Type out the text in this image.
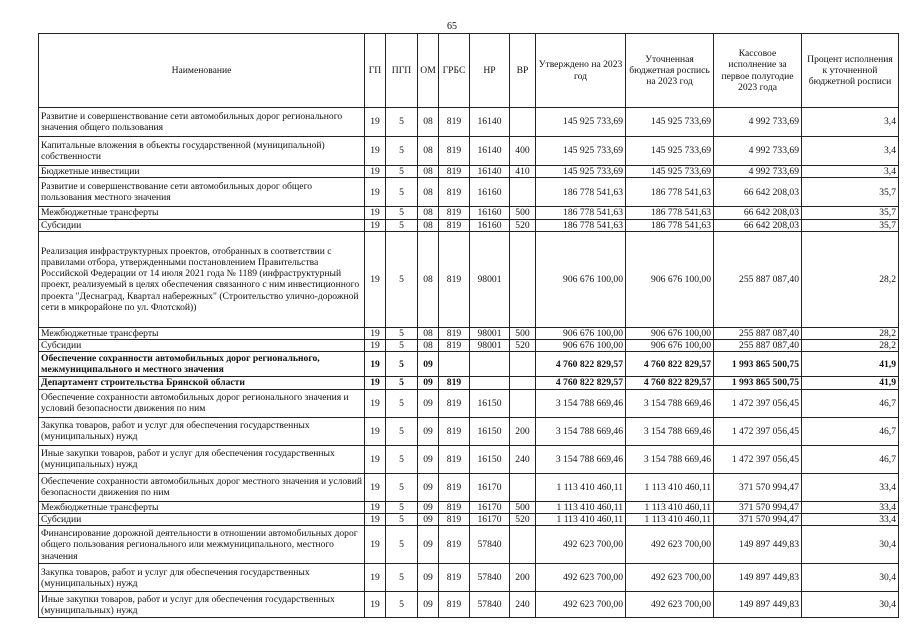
65
Наименование	ГП	ПГП	ОМ	ГРБС	НР	ВР	Утверждено на 2023 год	Уточненная бюджетная роспись на 2023 год	Кассовое исполнение за первое полугодие 2023 года	Процент исполнения к уточненной бюджетной росписи
Развитие и совершенствование сети автомобильных дорог регионального значения общего пользования	19	5	08	819	16140		145 925 733,69	145 925 733,69	4 992 733,69	3,4
Капитальные вложения в объекты государственной (муниципальной) собственности	19	5	08	819	16140	400	145 925 733,69	145 925 733,69	4 992 733,69	3,4
Бюджетные инвестиции	19	5	08	819	16140	410	145 925 733,69	145 925 733,69	4 992 733,69	3,4
Развитие и совершенствование сети автомобильных дорог общего пользования местного значения	19	5	08	819	16160		186 778 541,63	186 778 541,63	66 642 208,03	35,7
Межбюджетные трансферты	19	5	08	819	16160	500	186 778 541,63	186 778 541,63	66 642 208,03	35,7
Субсидии	19	5	08	819	16160	520	186 778 541,63	186 778 541,63	66 642 208,03	35,7
Реализация инфраструктурных проектов, отобранных в соответствии с правилами отбора, утвержденными постановлением Правительства Российской Федерации от 14 июля 2021 года № 1189 (инфраструктурный проект, реализуемый в целях обеспечения связанного с ним инвестиционного проекта "Деснаград, Квартал набережных" (Строительство улично-дорожной сети в микрорайоне по ул. Флотской))	19	5	08	819	98001		906 676 100,00	906 676 100,00	255 887 087,40	28,2
Межбюджетные трансферты	19	5	08	819	98001	500	906 676 100,00	906 676 100,00	255 887 087,40	28,2
Субсидии	19	5	08	819	98001	520	906 676 100,00	906 676 100,00	255 887 087,40	28,2
Обеспечение сохранности автомобильных дорог регионального, межмуниципального и местного значения	19	5	09				4 760 822 829,57	4 760 822 829,57	1 993 865 500,75	41,9
Департамент строительства Брянской области	19	5	09	819			4 760 822 829,57	4 760 822 829,57	1 993 865 500,75	41,9
Обеспечение сохранности автомобильных дорог регионального значения и условий безопасности движения по ним	19	5	09	819	16150		3 154 788 669,46	3 154 788 669,46	1 472 397 056,45	46,7
Закупка товаров, работ и услуг для обеспечения государственных (муниципальных) нужд	19	5	09	819	16150	200	3 154 788 669,46	3 154 788 669,46	1 472 397 056,45	46,7
Иные закупки товаров, работ и услуг для обеспечения государственных (муниципальных) нужд	19	5	09	819	16150	240	3 154 788 669,46	3 154 788 669,46	1 472 397 056,45	46,7
Обеспечение сохранности автомобильных дорог местного значения и условий безопасности движения по ним	19	5	09	819	16170		1 113 410 460,11	1 113 410 460,11	371 570 994,47	33,4
Межбюджетные трансферты	19	5	09	819	16170	500	1 113 410 460,11	1 113 410 460,11	371 570 994,47	33,4
Субсидии	19	5	09	819	16170	520	1 113 410 460,11	1 113 410 460,11	371 570 994,47	33,4
Финансирование дорожной деятельности в отношении автомобильных дорог общего пользования регионального или межмуниципального, местного значения	19	5	09	819	57840		492 623 700,00	492 623 700,00	149 897 449,83	30,4
Закупка товаров, работ и услуг для обеспечения государственных (муниципальных) нужд	19	5	09	819	57840	200	492 623 700,00	492 623 700,00	149 897 449,83	30,4
Иные закупки товаров, работ и услуг для обеспечения государственных (муниципальных) нужд	19	5	09	819	57840	240	492 623 700,00	492 623 700,00	149 897 449,83	30,4
